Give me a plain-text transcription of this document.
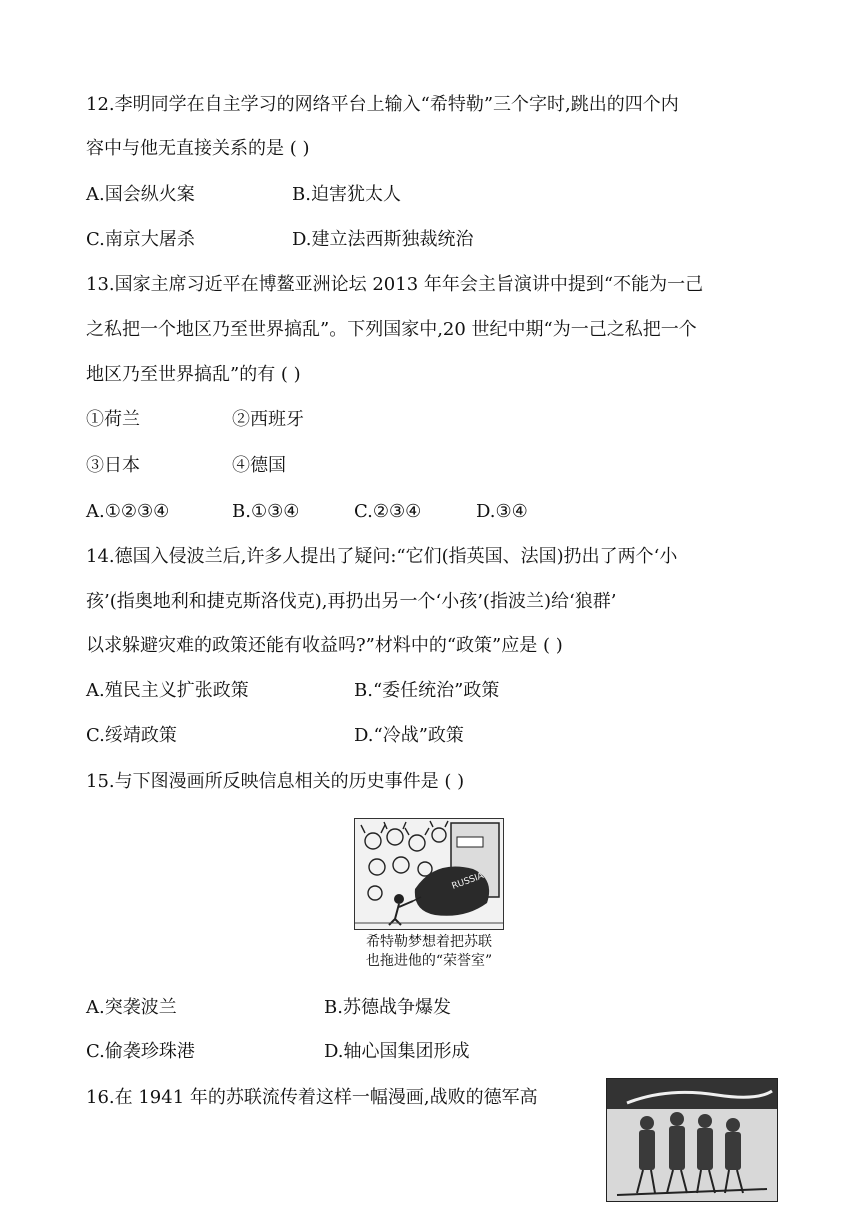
12.李明同学在自主学习的网络平台上输入“希特勒”三个字时,跳出的四个内
容中与他无直接关系的是 ( )
A.国会纵火案	B.迫害犹太人
C.南京大屠杀	D.建立法西斯独裁统治
13.国家主席习近平在博鳌亚洲论坛 2013 年年会主旨演讲中提到“不能为一己
之私把一个地区乃至世界搞乱”。下列国家中,20 世纪中期“为一己之私把一个
地区乃至世界搞乱”的有 ( )
①荷兰	②西班牙
③日本	④德国
A.①②③④	B.①③④	C.②③④	D.③④
14.德国入侵波兰后,许多人提出了疑问:“它们(指英国、法国)扔出了两个‘小
孩’(指奥地利和捷克斯洛伐克),再扔出另一个‘小孩’(指波兰)给‘狼群’
以求躲避灾难的政策还能有收益吗?”材料中的“政策”应是 ( )
A.殖民主义扩张政策	B.“委任统治”政策
C.绥靖政策	D.“冷战”政策
15.与下图漫画所反映信息相关的历史事件是 ( )
RUSSIA
希特勒梦想着把苏联
也拖进他的“荣誉室”
A.突袭波兰	B.苏德战争爆发
C.偷袭珍珠港	D.轴心国集团形成
16.在 1941 年的苏联流传着这样一幅漫画,战败的德军高
